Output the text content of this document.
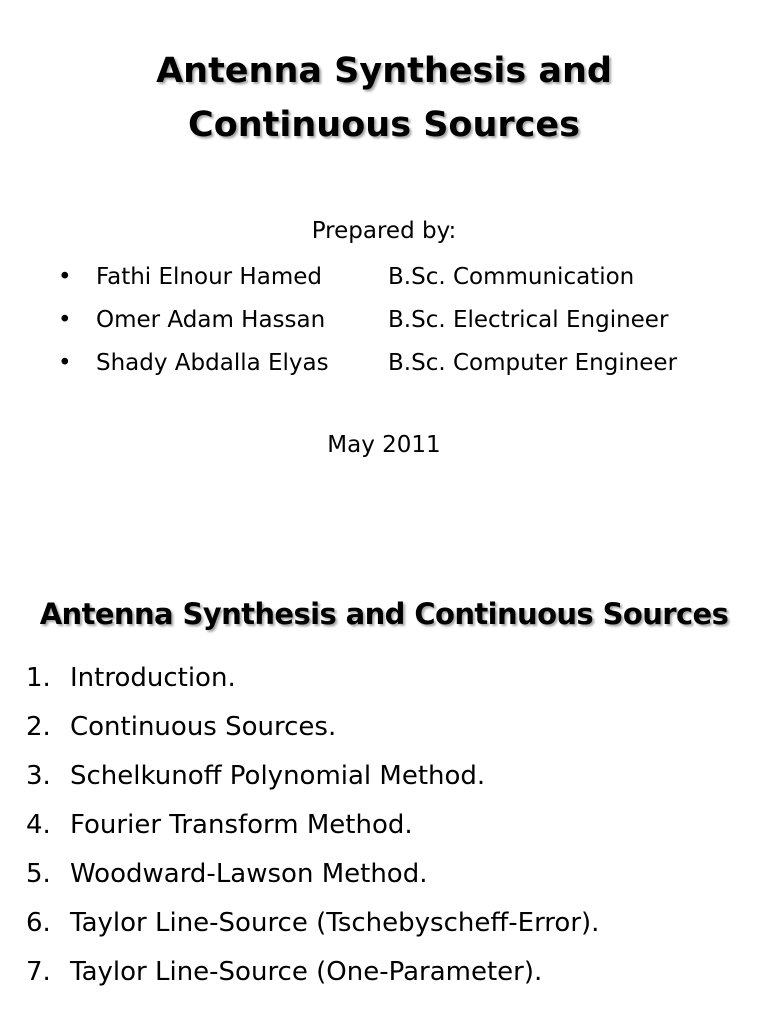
Antenna Synthesis and
Continuous Sources
Prepared by:
• Fathi Elnour Hamed	B.Sc. Communication
• Omer Adam Hassan	B.Sc. Electrical Engineer
• Shady Abdalla Elyas	B.Sc. Computer Engineer
May 2011
Antenna Synthesis and Continuous Sources
1. Introduction.
2. Continuous Sources.
3. Schelkunoff Polynomial Method.
4. Fourier Transform Method.
5. Woodward-Lawson Method.
6. Taylor Line-Source (Tschebyscheff-Error).
7. Taylor Line-Source (One-Parameter).
